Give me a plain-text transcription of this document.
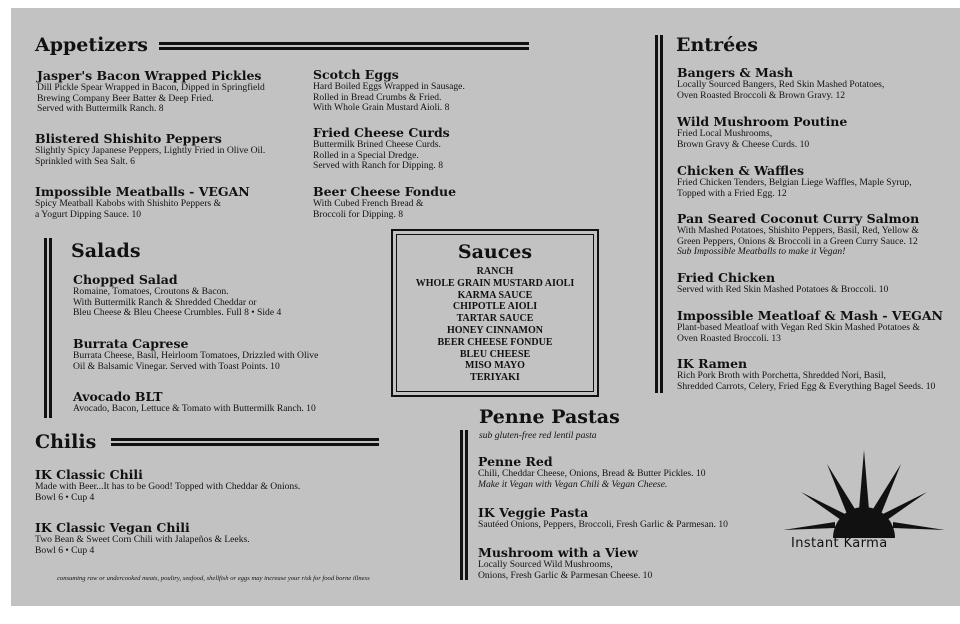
Appetizers
Jasper's Bacon Wrapped Pickles
Dill Pickle Spear Wrapped in Bacon, Dipped in Springfield
Brewing Company Beer Batter & Deep Fried.
Served with Buttermilk Ranch. 8
Blistered Shishito Peppers
Slightly Spicy Japanese Peppers, Lightly Fried in Olive Oil.
Sprinkled with Sea Salt. 6
Impossible Meatballs - VEGAN
Spicy Meatball Kabobs with Shishito Peppers &
a Yogurt Dipping Sauce. 10
Scotch Eggs
Hard Boiled Eggs Wrapped in Sausage.
Rolled in Bread Crumbs & Fried.
With Whole Grain Mustard Aioli. 8
Fried Cheese Curds
Buttermilk Brined Cheese Curds.
Rolled in a Special Dredge.
Served with Ranch for Dipping. 8
Beer Cheese Fondue
With Cubed French Bread &
Broccoli for Dipping. 8
Salads
Chopped Salad
Romaine, Tomatoes, Croutons & Bacon.
With Buttermilk Ranch & Shredded Cheddar or
Bleu Cheese & Bleu Cheese Crumbles. Full 8 • Side 4
Burrata Caprese
Burrata Cheese, Basil, Heirloom Tomatoes, Drizzled with Olive
Oil & Balsamic Vinegar. Served with Toast Points. 10
Avocado BLT
Avocado, Bacon, Lettuce & Tomato with Buttermilk Ranch. 10
Sauces
RANCH
WHOLE GRAIN MUSTARD AIOLI
KARMA SAUCE
CHIPOTLE AIOLI
TARTAR SAUCE
HONEY CINNAMON
BEER CHEESE FONDUE
BLEU CHEESE
MISO MAYO
TERIYAKI
Chilis
IK Classic Chili
Made with Beer...It has to be Good! Topped with Cheddar & Onions.
Bowl 6 • Cup 4
IK Classic Vegan Chili
Two Bean & Sweet Corn Chili with Jalapeños & Leeks.
Bowl 6 • Cup 4
consuming raw or undercooked meats, poultry, seafood, shellfish or eggs may increase your risk for food borne illness
Entrées
Bangers & Mash
Locally Sourced Bangers, Red Skin Mashed Potatoes,
Oven Roasted Broccoli & Brown Gravy. 12
Wild Mushroom Poutine
Fried Local Mushrooms,
Brown Gravy & Cheese Curds. 10
Chicken & Waffles
Fried Chicken Tenders, Belgian Liege Waffles, Maple Syrup,
Topped with a Fried Egg. 12
Pan Seared Coconut Curry Salmon
With Mashed Potatoes, Shishito Peppers, Basil, Red, Yellow &
Green Peppers, Onions & Broccoli in a Green Curry Sauce. 12
Sub Impossible Meatballs to make it Vegan!
Fried Chicken
Served with Red Skin Mashed Potatoes & Broccoli. 10
Impossible Meatloaf & Mash - VEGAN
Plant-based Meatloaf with Vegan Red Skin Mashed Potatoes &
Oven Roasted Broccoli. 13
IK Ramen
Rich Pork Broth with Porchetta, Shredded Nori, Basil,
Shredded Carrots, Celery, Fried Egg & Everything Bagel Seeds. 10
Penne Pastas
sub gluten-free red lentil pasta
Penne Red
Chili, Cheddar Cheese, Onions, Bread & Butter Pickles. 10
Make it Vegan with Vegan Chili & Vegan Cheese.
IK Veggie Pasta
Sautéed Onions, Peppers, Broccoli, Fresh Garlic & Parmesan. 10
Mushroom with a View
Locally Sourced Wild Mushrooms,
Onions, Fresh Garlic & Parmesan Cheese. 10
Instant Karma
